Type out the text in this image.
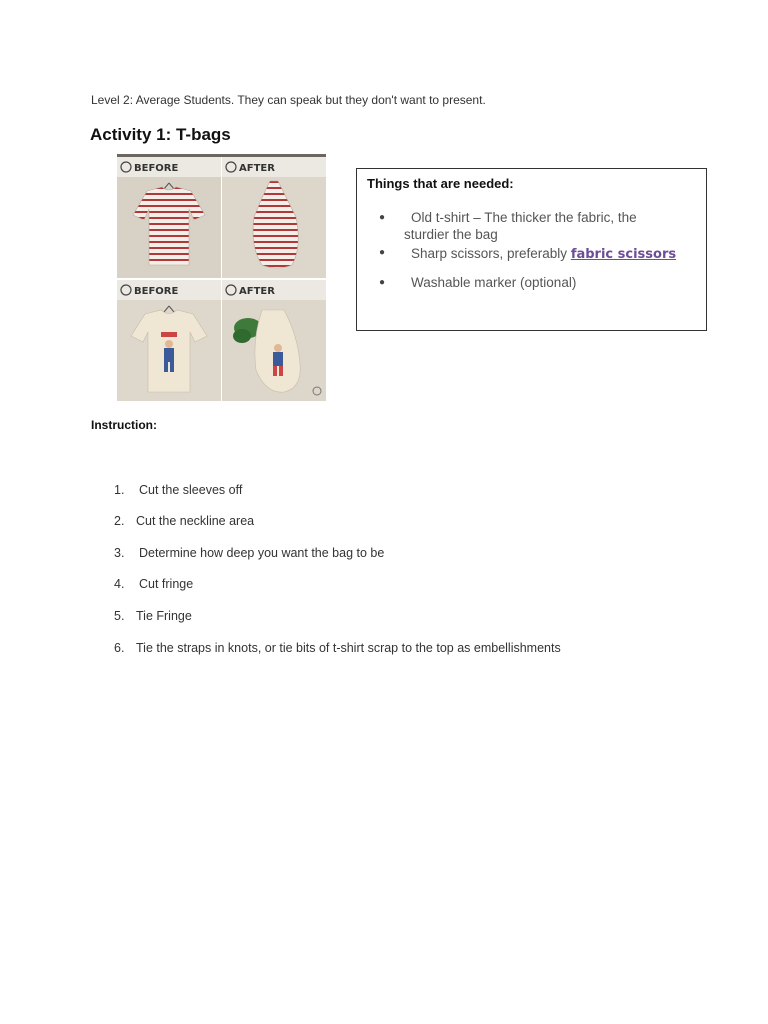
Level 2: Average Students. They can speak but they don't want to present.
Activity 1: T-bags
BEFORE	AFTER
BEFORE	AFTER
Things that are needed:
● Old t-shirt – The thicker the fabric, the
sturdier the bag
● Sharp scissors, preferably fabric scissors
● Washable marker (optional)
Instruction:
1. Cut the sleeves off
2. Cut the neckline area
3. Determine how deep you want the bag to be
4. Cut fringe
5. Tie Fringe
6. Tie the straps in knots, or tie bits of t-shirt scrap to the top as embellishments
